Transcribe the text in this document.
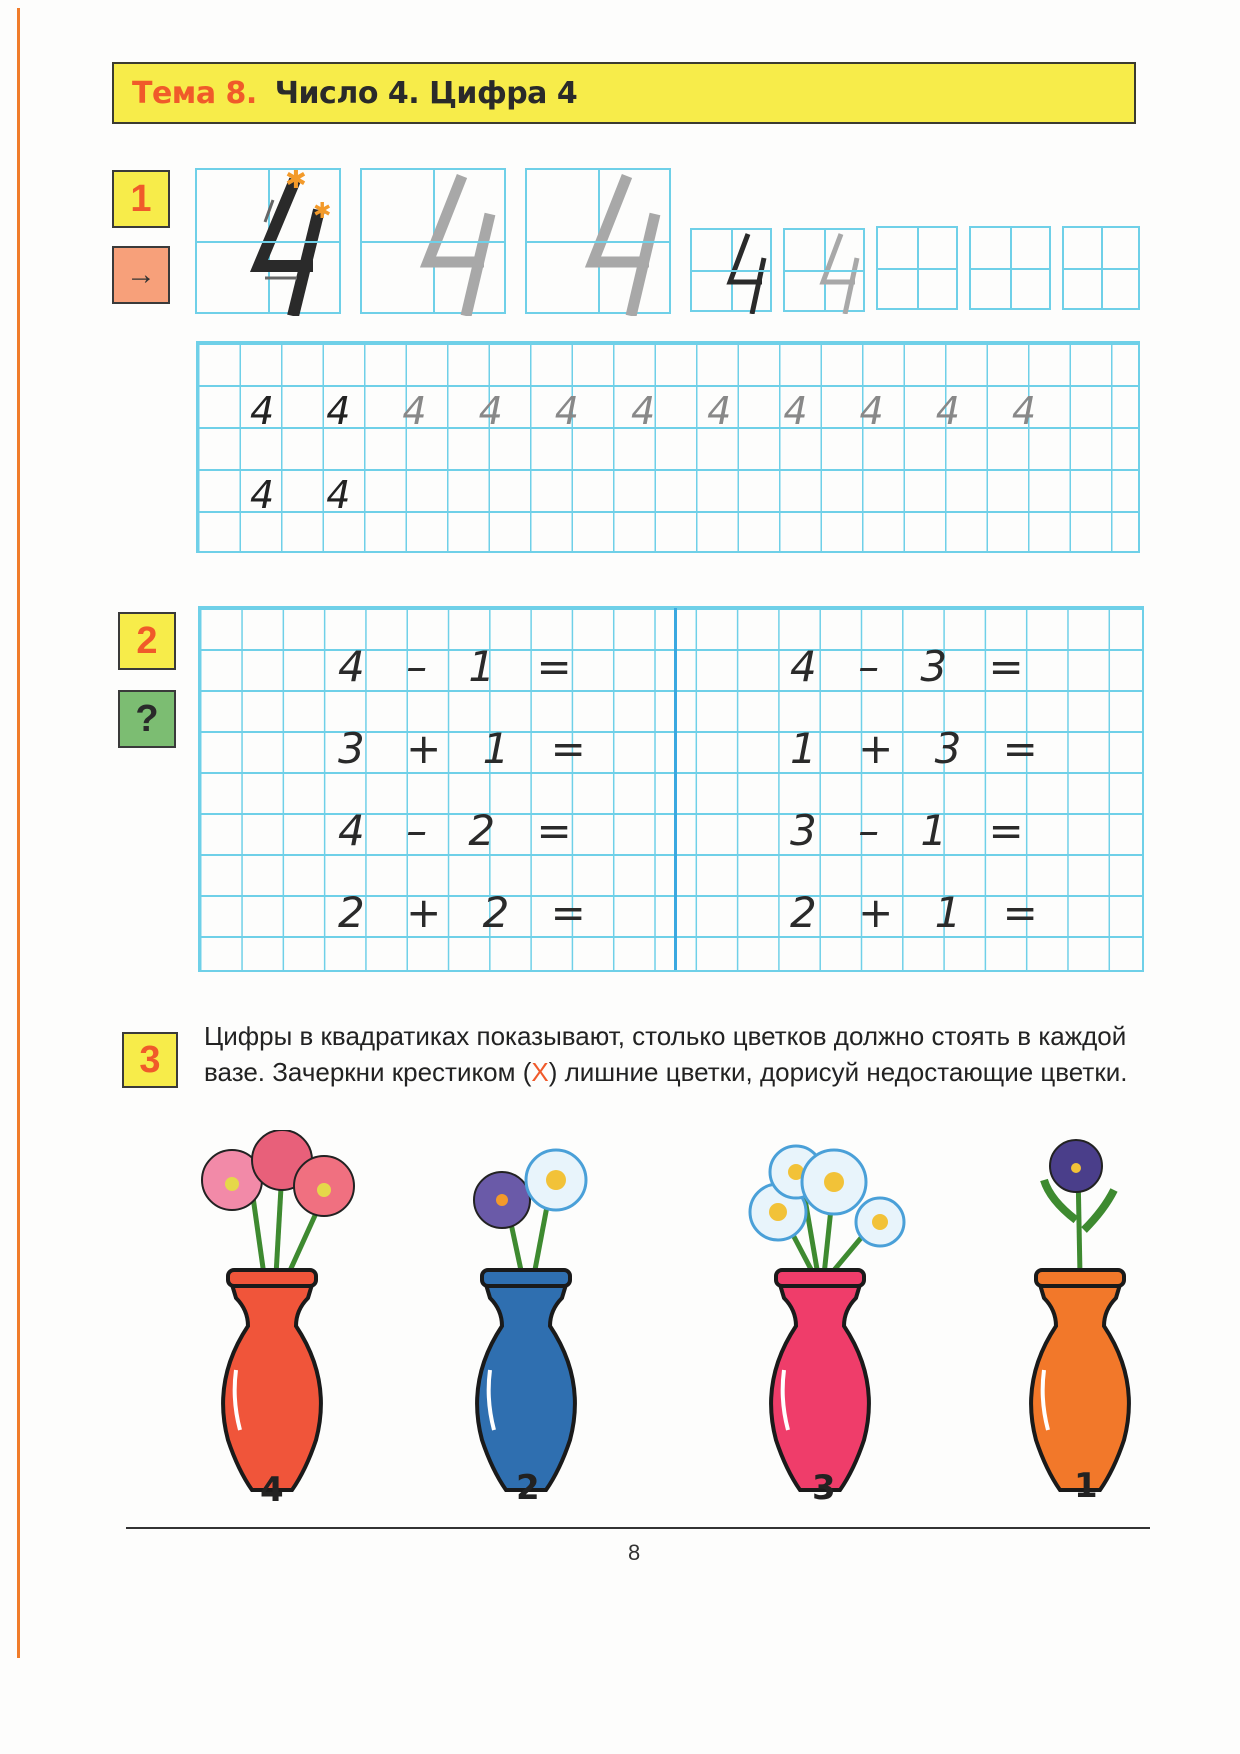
Тема 8. Число 4. Цифра 4
1
→
✱
✱
4 4 4 4 4 4 4 4 4 4 4
4 4
2
?
4 – 1 =
3 + 1 =
4 – 2 =
2 + 2 =
4 – 3 =
1 + 3 =
3 – 1 =
2 + 1 =
3
Цифры в квадратиках показывают, столько цветков должно стоять в каждой вазе. Зачеркни крестиком (X) лишние цветки, дорисуй недостающие цветки.
4	2	3	1
8
